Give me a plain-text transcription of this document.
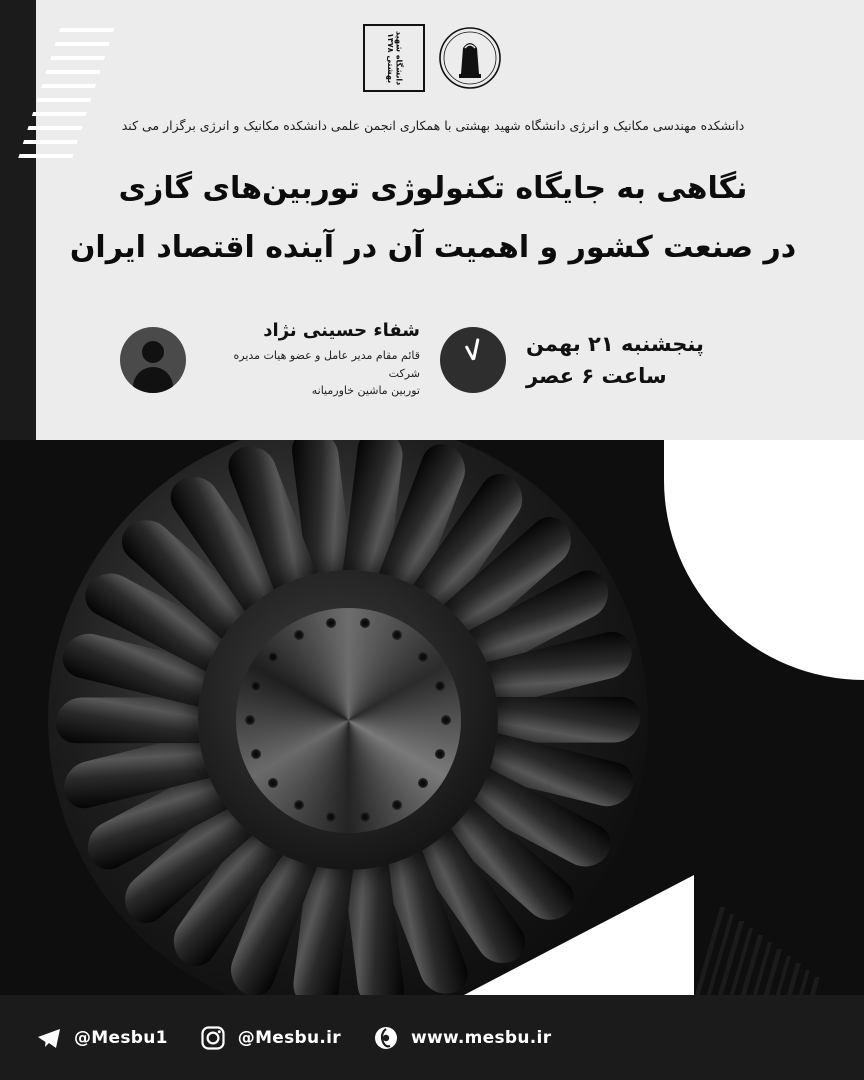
دانشگاه شهید بهشتی ۱۳۷۸
دانشکده مهندسی مکانیک و انرژی دانشگاه شهید بهشتی با همکاری انجمن علمی دانشکده مکانیک و انرژی برگزار می کند
نگاهی به جایگاه تکنولوژی توربین‌های گازی
در صنعت کشور و اهمیت آن در آینده اقتصاد ایران
پنجشنبه ۲۱ بهمن
ساعت ۶ عصر
شفاء حسینی نژاد
قائم مقام مدیر عامل و عضو هیات مدیره شرکت
توربین ماشین خاورمیانه
@Mesbu1	@Mesbu.ir	www.mesbu.ir
